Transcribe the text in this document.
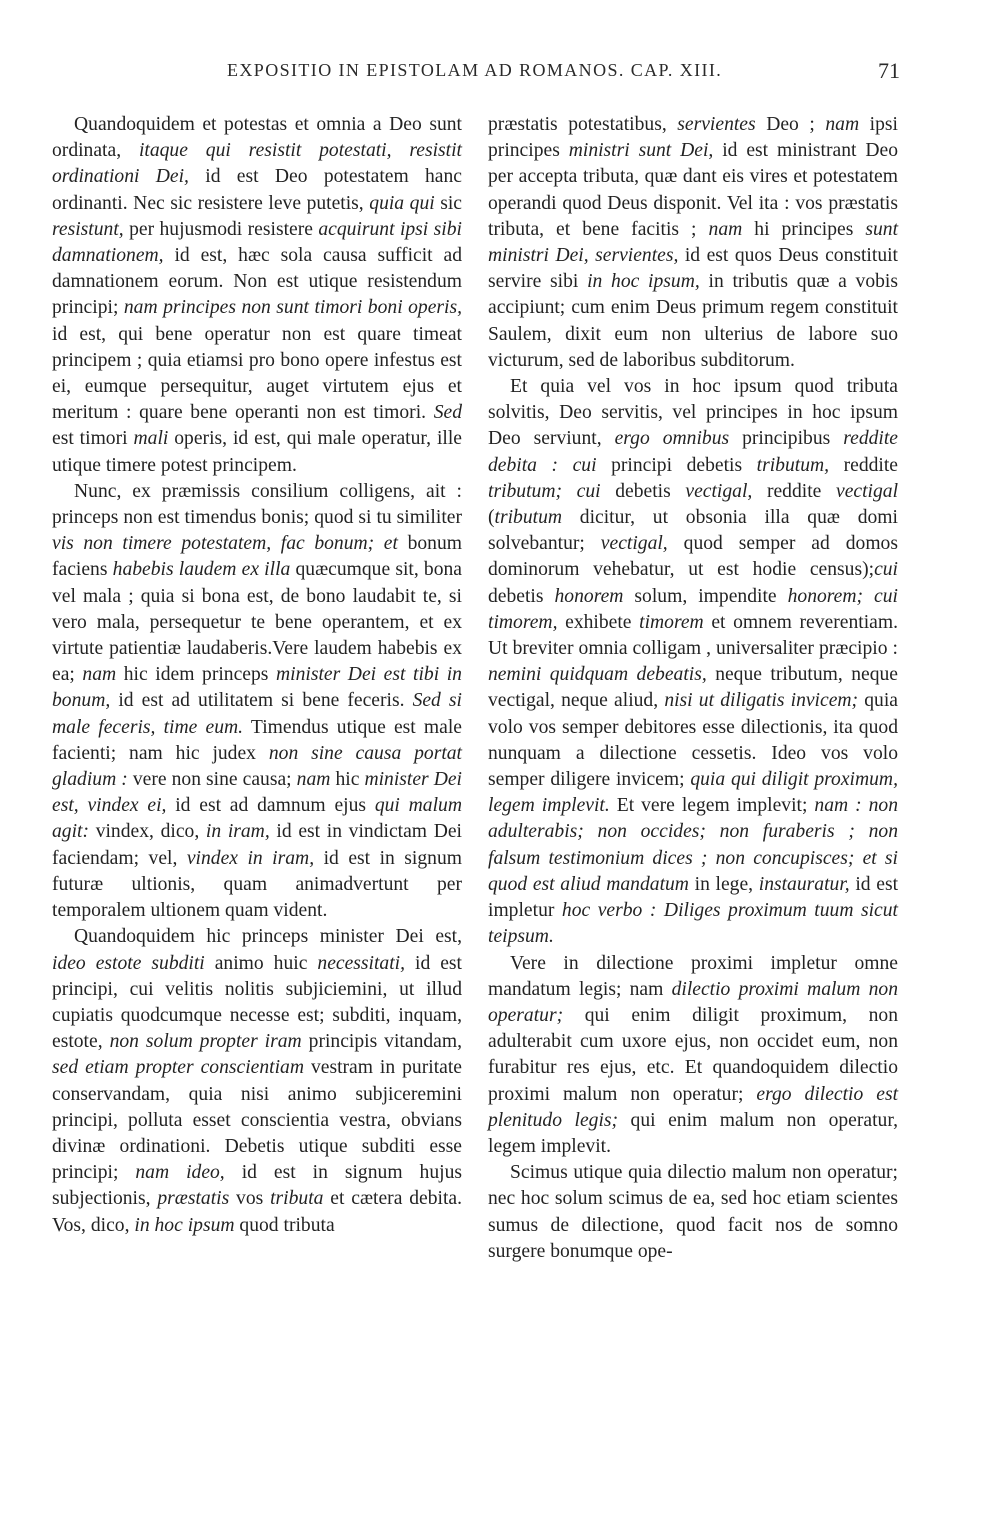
EXPOSITIO IN EPISTOLAM AD ROMANOS. CAP. XIII.	71

Quandoquidem et potestas et omnia a Deo sunt ordinata, itaque qui resistit potestati, resistit ordinationi Dei, id est Deo potestatem hanc ordinanti. Nec sic resistere leve putetis, quia qui sic resistunt, per hujusmodi resistere acquirunt ipsi sibi damnationem, id est, hæc sola causa sufficit ad damnationem eorum. Non est utique resistendum principi; nam principes non sunt timori boni operis, id est, qui bene operatur non est quare timeat principem ; quia etiamsi pro bono opere infestus est ei, eumque persequitur, auget virtutem ejus et meritum : quare bene operanti non est timori. Sed est timori mali operis, id est, qui male operatur, ille utique timere potest principem.

Nunc, ex præmissis consilium colligens, ait : princeps non est timendus bonis; quod si tu similiter vis non timere potestatem, fac bonum; et bonum faciens habebis laudem ex illa quæcumque sit, bona vel mala ; quia si bona est, de bono laudabit te, si vero mala, persequetur te bene operantem, et ex virtute patientiæ laudaberis.Vere laudem habebis ex ea; nam hic idem princeps minister Dei est tibi in bonum, id est ad utilitatem si bene feceris. Sed si male feceris, time eum. Timendus utique est male facienti; nam hic judex non sine causa portat gladium : vere non sine causa; nam hic minister Dei est, vindex ei, id est ad damnum ejus qui malum agit: vindex, dico, in iram, id est in vindictam Dei faciendam; vel, vindex in iram, id est in signum futuræ ultionis, quam animadvertunt per temporalem ultionem quam vident.

Quandoquidem hic princeps minister Dei est, ideo estote subditi animo huic necessitati, id est principi, cui velitis nolitis subjiciemini, ut illud cupiatis quodcumque necesse est; subditi, inquam, estote, non solum propter iram principis vitandam, sed etiam propter conscientiam vestram in puritate conservandam, quia nisi animo subjiceremini principi, polluta esset conscientia vestra, obvians divinæ ordinationi. Debetis utique subditi esse principi; nam ideo, id est in signum hujus subjectionis, præstatis vos tributa et cætera debita. Vos, dico, in hoc ipsum quod tributa

præstatis potestatibus, servientes Deo ; nam ipsi principes ministri sunt Dei, id est ministrant Deo per accepta tributa, quæ dant eis vires et potestatem operandi quod Deus disponit. Vel ita : vos præstatis tributa, et bene facitis ; nam hi principes sunt ministri Dei, servientes, id est quos Deus constituit servire sibi in hoc ipsum, in tributis quæ a vobis accipiunt; cum enim Deus primum regem constituit Saulem, dixit eum non ulterius de labore suo victurum, sed de laboribus subditorum.

Et quia vel vos in hoc ipsum quod tributa solvitis, Deo servitis, vel principes in hoc ipsum Deo serviunt, ergo omnibus principibus reddite debita : cui principi debetis tributum, reddite tributum; cui debetis vectigal, reddite vectigal (tributum dicitur, ut obsonia illa quæ domi solvebantur; vectigal, quod semper ad domos dominorum vehebatur, ut est hodie census);cui debetis honorem solum, impendite honorem; cui timorem, exhibete timorem et omnem reverentiam. Ut breviter omnia colligam , universaliter præcipio : nemini quidquam debeatis, neque tributum, neque vectigal, neque aliud, nisi ut diligatis invicem; quia volo vos semper debitores esse dilectionis, ita quod nunquam a dilectione cessetis. Ideo vos volo semper diligere invicem; quia qui diligit proximum, legem implevit. Et vere legem implevit; nam : non adulterabis; non occides; non furaberis ; non falsum testimonium dices ; non concupisces; et si quod est aliud mandatum in lege, instauratur, id est impletur hoc verbo : Diliges proximum tuum sicut teipsum.

Vere in dilectione proximi impletur omne mandatum legis; nam dilectio proximi malum non operatur; qui enim diligit proximum, non adulterabit cum uxore ejus, non occidet eum, non furabitur res ejus, etc. Et quandoquidem dilectio proximi malum non operatur; ergo dilectio est plenitudo legis; qui enim malum non operatur, legem implevit.

Scimus utique quia dilectio malum non operatur; nec hoc solum scimus de ea, sed hoc etiam scientes sumus de dilectione, quod facit nos de somno surgere bonumque ope-
